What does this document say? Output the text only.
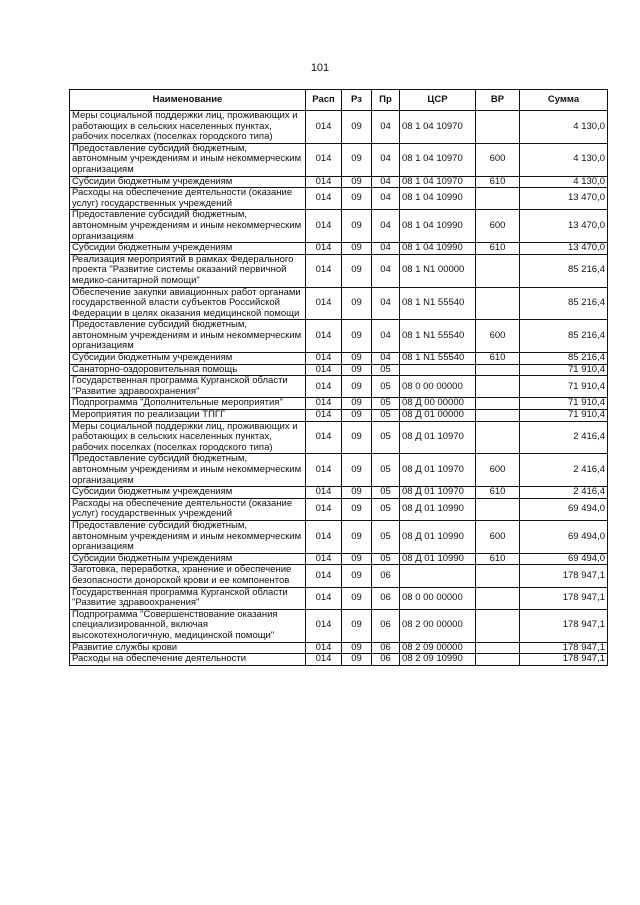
101
Наименование	Расп	Рз	Пр	ЦСР	ВР	Сумма
Меры социальной поддержки лиц, проживающих и работающих в сельских населенных пунктах, рабочих поселках (поселках городского типа)	014	09	04	08 1 04 10970		4 130,0
Предоставление субсидий бюджетным, автономным учреждениям и иным некоммерческим организациям	014	09	04	08 1 04 10970	600	4 130,0
Субсидии бюджетным учреждениям	014	09	04	08 1 04 10970	610	4 130,0
Расходы на обеспечение деятельности (оказание услуг) государственных учреждений	014	09	04	08 1 04 10990		13 470,0
Предоставление субсидий бюджетным, автономным учреждениям и иным некоммерческим организациям	014	09	04	08 1 04 10990	600	13 470,0
Субсидии бюджетным учреждениям	014	09	04	08 1 04 10990	610	13 470,0
Реализация мероприятий в рамках Федерального проекта "Развитие системы оказаний первичной медико-санитарной помощи"	014	09	04	08 1 N1 00000		85 216,4
Обеспечение закупки авиационных работ органами государственной власти субъектов Российской Федерации в целях оказания медицинской помощи	014	09	04	08 1 N1 55540		85 216,4
Предоставление субсидий бюджетным, автономным учреждениям и иным некоммерческим организациям	014	09	04	08 1 N1 55540	600	85 216,4
Субсидии бюджетным учреждениям	014	09	04	08 1 N1 55540	610	85 216,4
Санаторно-оздоровительная помощь	014	09	05			71 910,4
Государственная программа Курганской области "Развитие здравоохранения"	014	09	05	08 0 00 00000		71 910,4
Подпрограмма "Дополнительные мероприятия"	014	09	05	08 Д 00 00000		71 910,4
Мероприятия по реализации ТПГГ	014	09	05	08 Д 01 00000		71 910,4
Меры социальной поддержки лиц, проживающих и работающих в сельских населенных пунктах, рабочих поселках (поселках городского типа)	014	09	05	08 Д 01 10970		2 416,4
Предоставление субсидий бюджетным, автономным учреждениям и иным некоммерческим организациям	014	09	05	08 Д 01 10970	600	2 416,4
Субсидии бюджетным учреждениям	014	09	05	08 Д 01 10970	610	2 416,4
Расходы на обеспечение деятельности (оказание услуг) государственных учреждений	014	09	05	08 Д 01 10990		69 494,0
Предоставление субсидий бюджетным, автономным учреждениям и иным некоммерческим организациям	014	09	05	08 Д 01 10990	600	69 494,0
Субсидии бюджетным учреждениям	014	09	05	08 Д 01 10990	610	69 494,0
Заготовка, переработка, хранение и обеспечение безопасности донорской крови и ее компонентов	014	09	06			178 947,1
Государственная программа Курганской области "Развитие здравоохранения"	014	09	06	08 0 00 00000		178 947,1
Подпрограмма "Совершенствование оказания специализированной, включая высокотехнологичную, медицинской помощи"	014	09	06	08 2 00 00000		178 947,1
Развитие службы крови	014	09	06	08 2 09 00000		178 947,1
Расходы на обеспечение деятельности	014	09	06	08 2 09 10990		178 947,1
